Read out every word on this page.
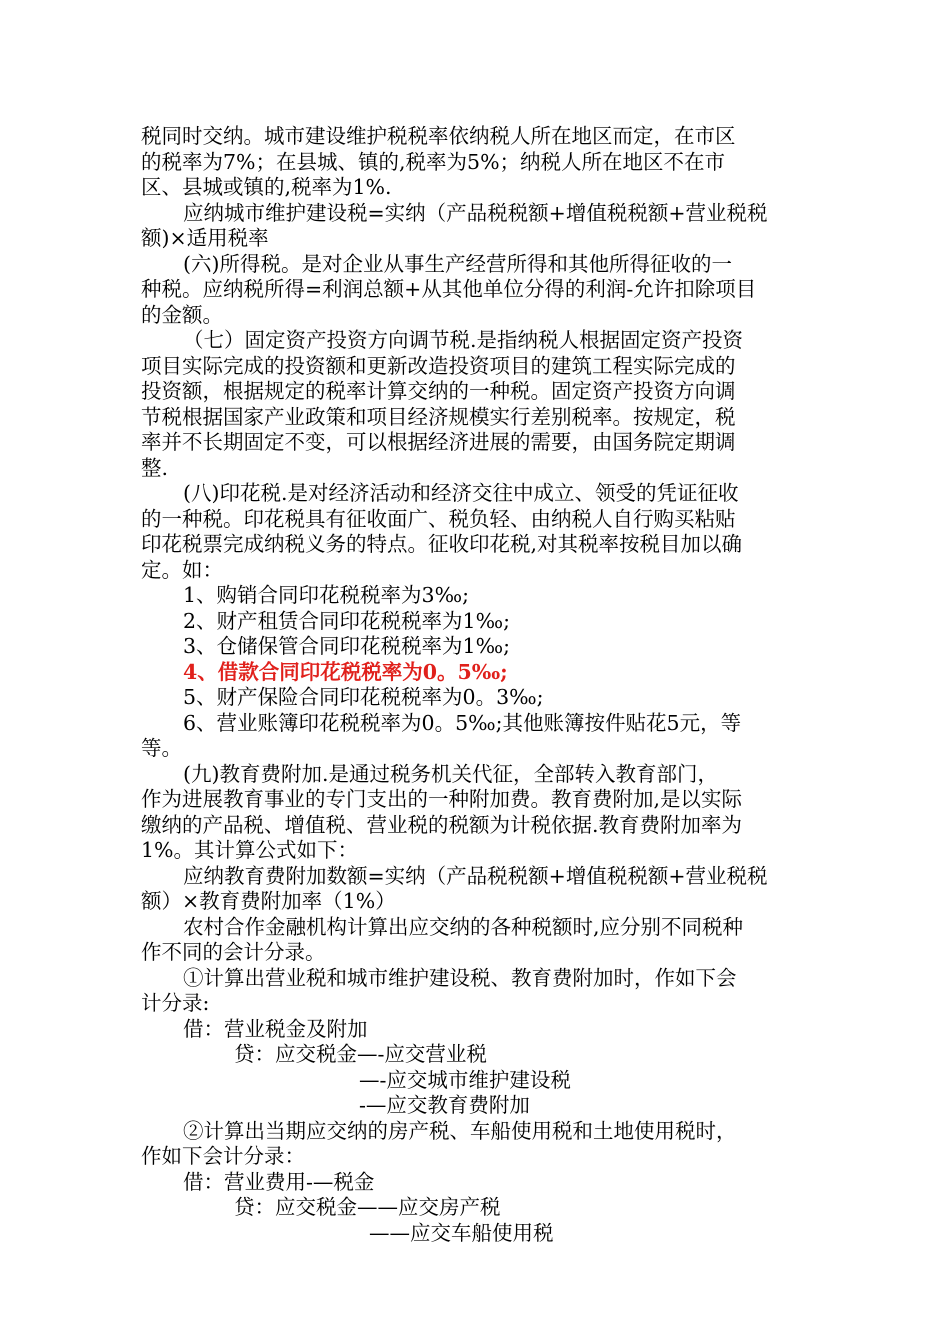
税同时交纳。城市建设维护税税率依纳税人所在地区而定，在市区

的税率为7%；在县城、镇的,税率为5%；纳税人所在地区不在市

区、县城或镇的,税率为1%.

应纳城市维护建设税=实纳（产品税税额+增值税税额+营业税税

额)×适用税率

(六)所得税。是对企业从事生产经营所得和其他所得征收的一

种税。应纳税所得=利润总额+从其他单位分得的利润-允许扣除项目

的金额。

（七）固定资产投资方向调节税.是指纳税人根据固定资产投资

项目实际完成的投资额和更新改造投资项目的建筑工程实际完成的

投资额，根据规定的税率计算交纳的一种税。固定资产投资方向调

节税根据国家产业政策和项目经济规模实行差别税率。按规定，税

率并不长期固定不变，可以根据经济进展的需要，由国务院定期调

整.

(八)印花税.是对经济活动和经济交往中成立、领受的凭证征收

的一种税。印花税具有征收面广、税负轻、由纳税人自行购买粘贴

印花税票完成纳税义务的特点。征收印花税,对其税率按税目加以确

定。如：

1、购销合同印花税税率为3‰;

2、财产租赁合同印花税税率为1‰;

3、仓储保管合同印花税税率为1‰;

4、借款合同印花税税率为0。5‰;

5、财产保险合同印花税税率为0。3‰;

6、营业账簿印花税税率为0。5‰;其他账簿按件贴花5元，等

等。

(九)教育费附加.是通过税务机关代征，全部转入教育部门，

作为进展教育事业的专门支出的一种附加费。教育费附加,是以实际

缴纳的产品税、增值税、营业税的税额为计税依据.教育费附加率为

1%。其计算公式如下：

应纳教育费附加数额=实纳（产品税税额+增值税税额+营业税税

额）×教育费附加率（1%）

农村合作金融机构计算出应交纳的各种税额时,应分别不同税种

作不同的会计分录。

①计算出营业税和城市维护建设税、教育费附加时，作如下会

计分录:

借：营业税金及附加

贷：应交税金—-应交营业税

—-应交城市维护建设税

-—应交教育费附加

②计算出当期应交纳的房产税、车船使用税和土地使用税时，

作如下会计分录：

借：营业费用-—税金

贷：应交税金——应交房产税

——应交车船使用税
